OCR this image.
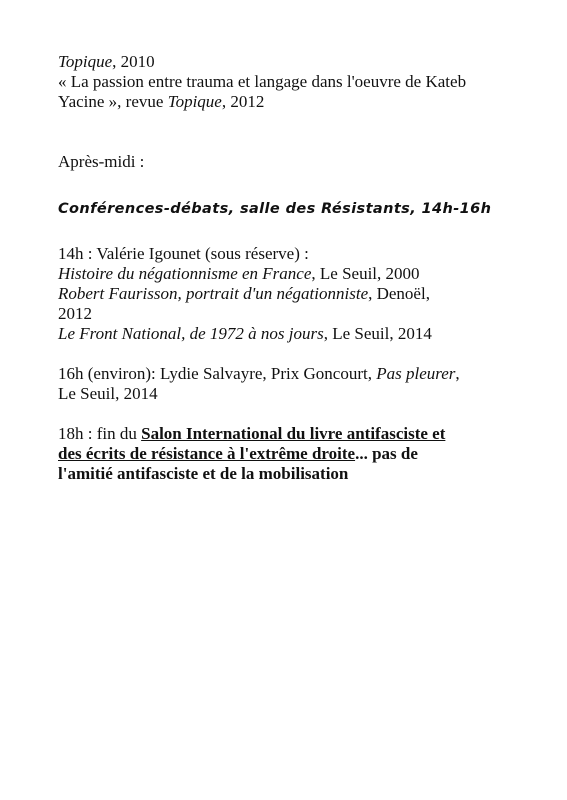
Topique, 2010
« La passion entre trauma et langage dans l'oeuvre de Kateb
Yacine », revue Topique, 2012
Après-midi :
Conférences-débats, salle des Résistants, 14h-16h
14h : Valérie Igounet (sous réserve) :
Histoire du négationnisme en France, Le Seuil, 2000
Robert Faurisson, portrait d'un négationniste, Denoël,
2012
Le Front National, de 1972 à nos jours, Le Seuil, 2014
16h (environ): Lydie Salvayre, Prix Goncourt, Pas pleurer,
Le Seuil, 2014
18h : fin du Salon International du livre antifasciste et
des écrits de résistance à l'extrême droite... pas de
l'amitié antifasciste et de la mobilisation
